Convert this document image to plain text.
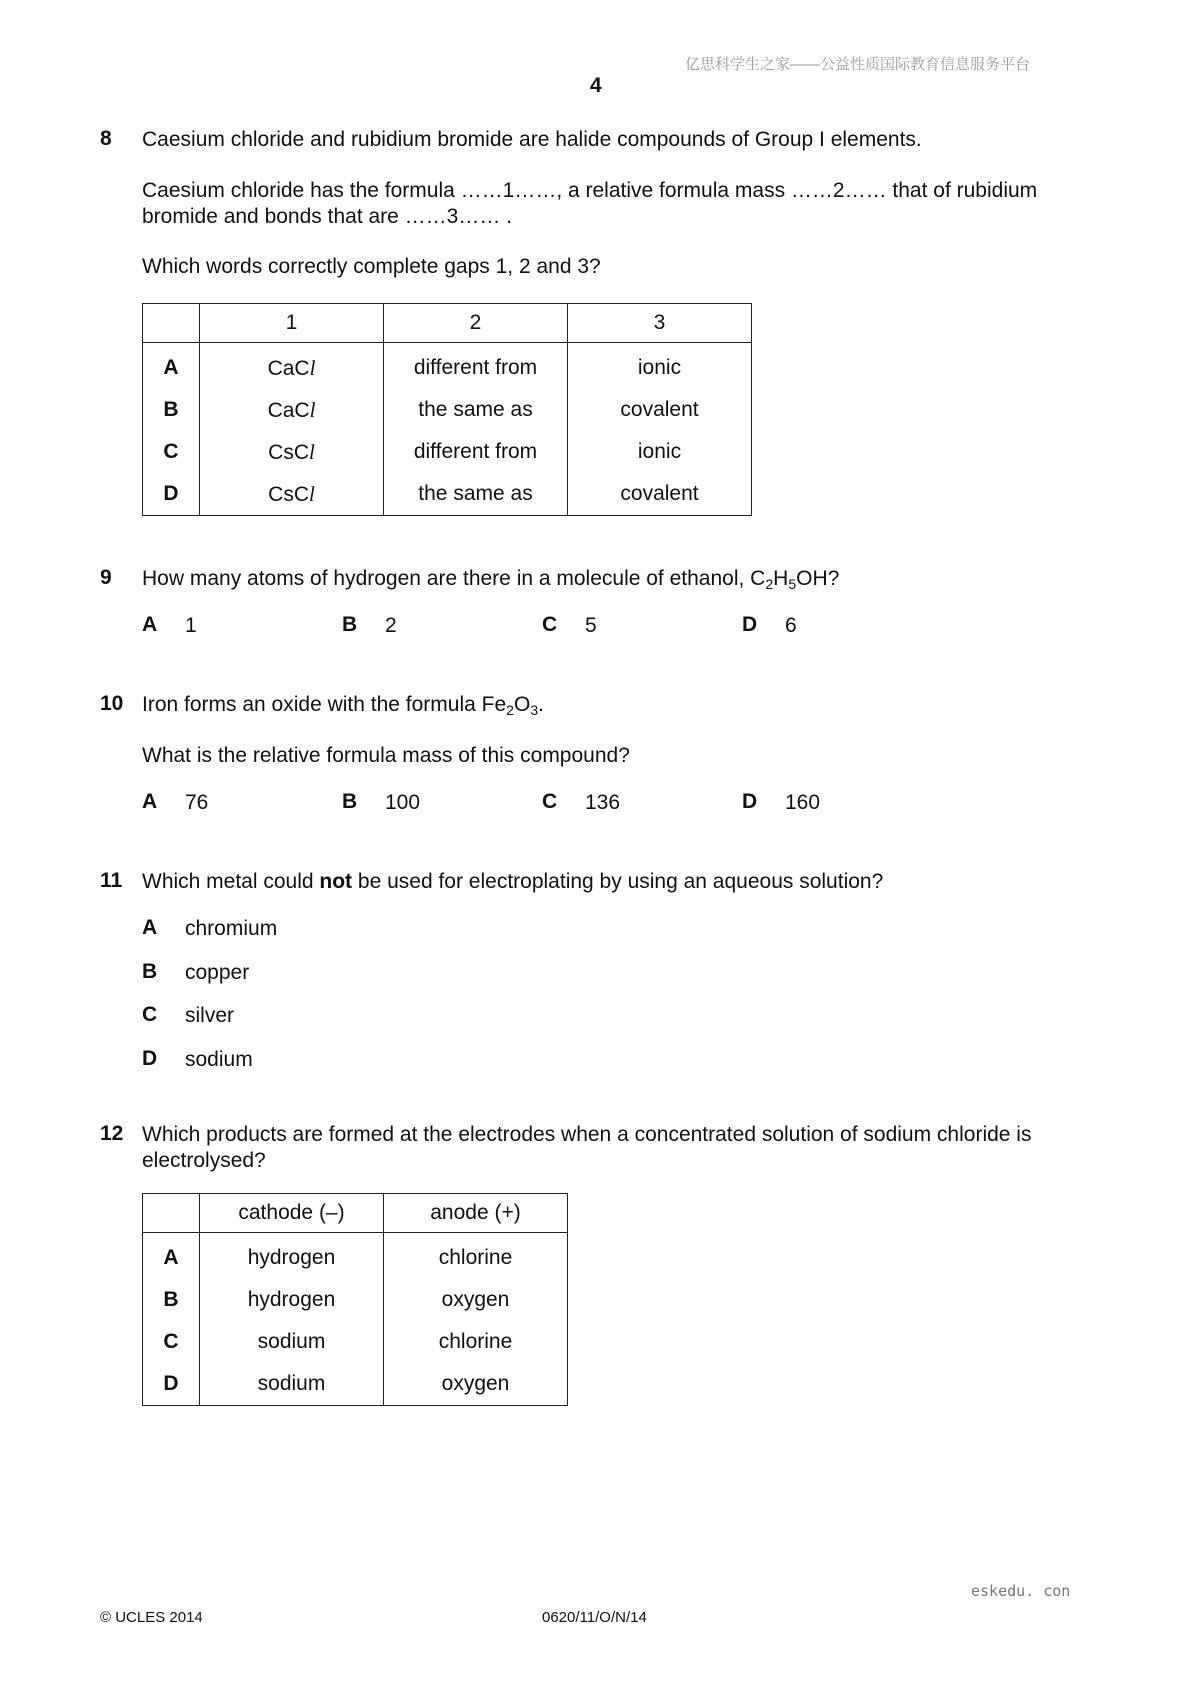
亿思科学生之家——公益性质国际教育信息服务平台
4
8 Caesium chloride and rubidium bromide are halide compounds of Group I elements.
Caesium chloride has the formula ……1……, a relative formula mass ……2…… that of rubidium
bromide and bonds that are ……3…… .
Which words correctly complete gaps 1, 2 and 3?
	1	2	3
A	CaCl	different from	ionic
B	CaCl	the same as	covalent
C	CsCl	different from	ionic
D	CsCl	the same as	covalent
9 How many atoms of hydrogen are there in a molecule of ethanol, $C_2H_5OH$?
A 1	B 2	C 5	D 6
10 Iron forms an oxide with the formula $Fe_2O_3$.
What is the relative formula mass of this compound?
A 76	B 100	C 136	D 160
11 Which metal could not be used for electroplating by using an aqueous solution?
A chromium
B copper
C silver
D sodium
12 Which products are formed at the electrodes when a concentrated solution of sodium chloride is
electrolysed?
	cathode (–)	anode (+)
A	hydrogen	chlorine
B	hydrogen	oxygen
C	sodium	chlorine
D	sodium	oxygen
eskedu. con
© UCLES 2014	0620/11/O/N/14
